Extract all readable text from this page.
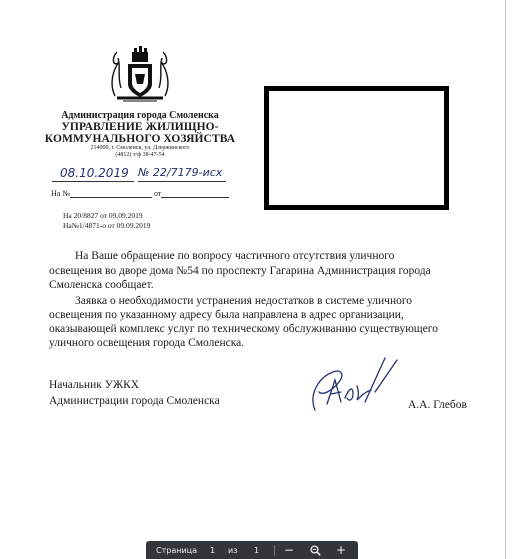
Администрация города Смоленска
УПРАВЛЕНИЕ ЖИЛИЩНО-
КОММУНАЛЬНОГО ХОЗЯЙСТВА
214000, г. Смоленск, ул. Дзержинского
(4812) т/ф 38-47-54
08.10.2019 № 22/7179-исх
На №	от
На 20/8827 от 09.09.2019
На№1/4871-о от 09.09.2019
На Ваше обращение по вопросу частичного отсутствия уличного
освещения во дворе дома №54 по проспекту Гагарина Администрация города
Смоленска сообщает.
Заявка о необходимости устранения недостатков в системе уличного
освещения по указанному адресу была направлена в адрес организации,
оказывающей комплекс услуг по техническому обслуживанию существующего
уличного освещения города Смоленска.
Начальник УЖКХ
Администрации города Смоленска	А.А. Глебов
Страница 1 из 1 −	+
